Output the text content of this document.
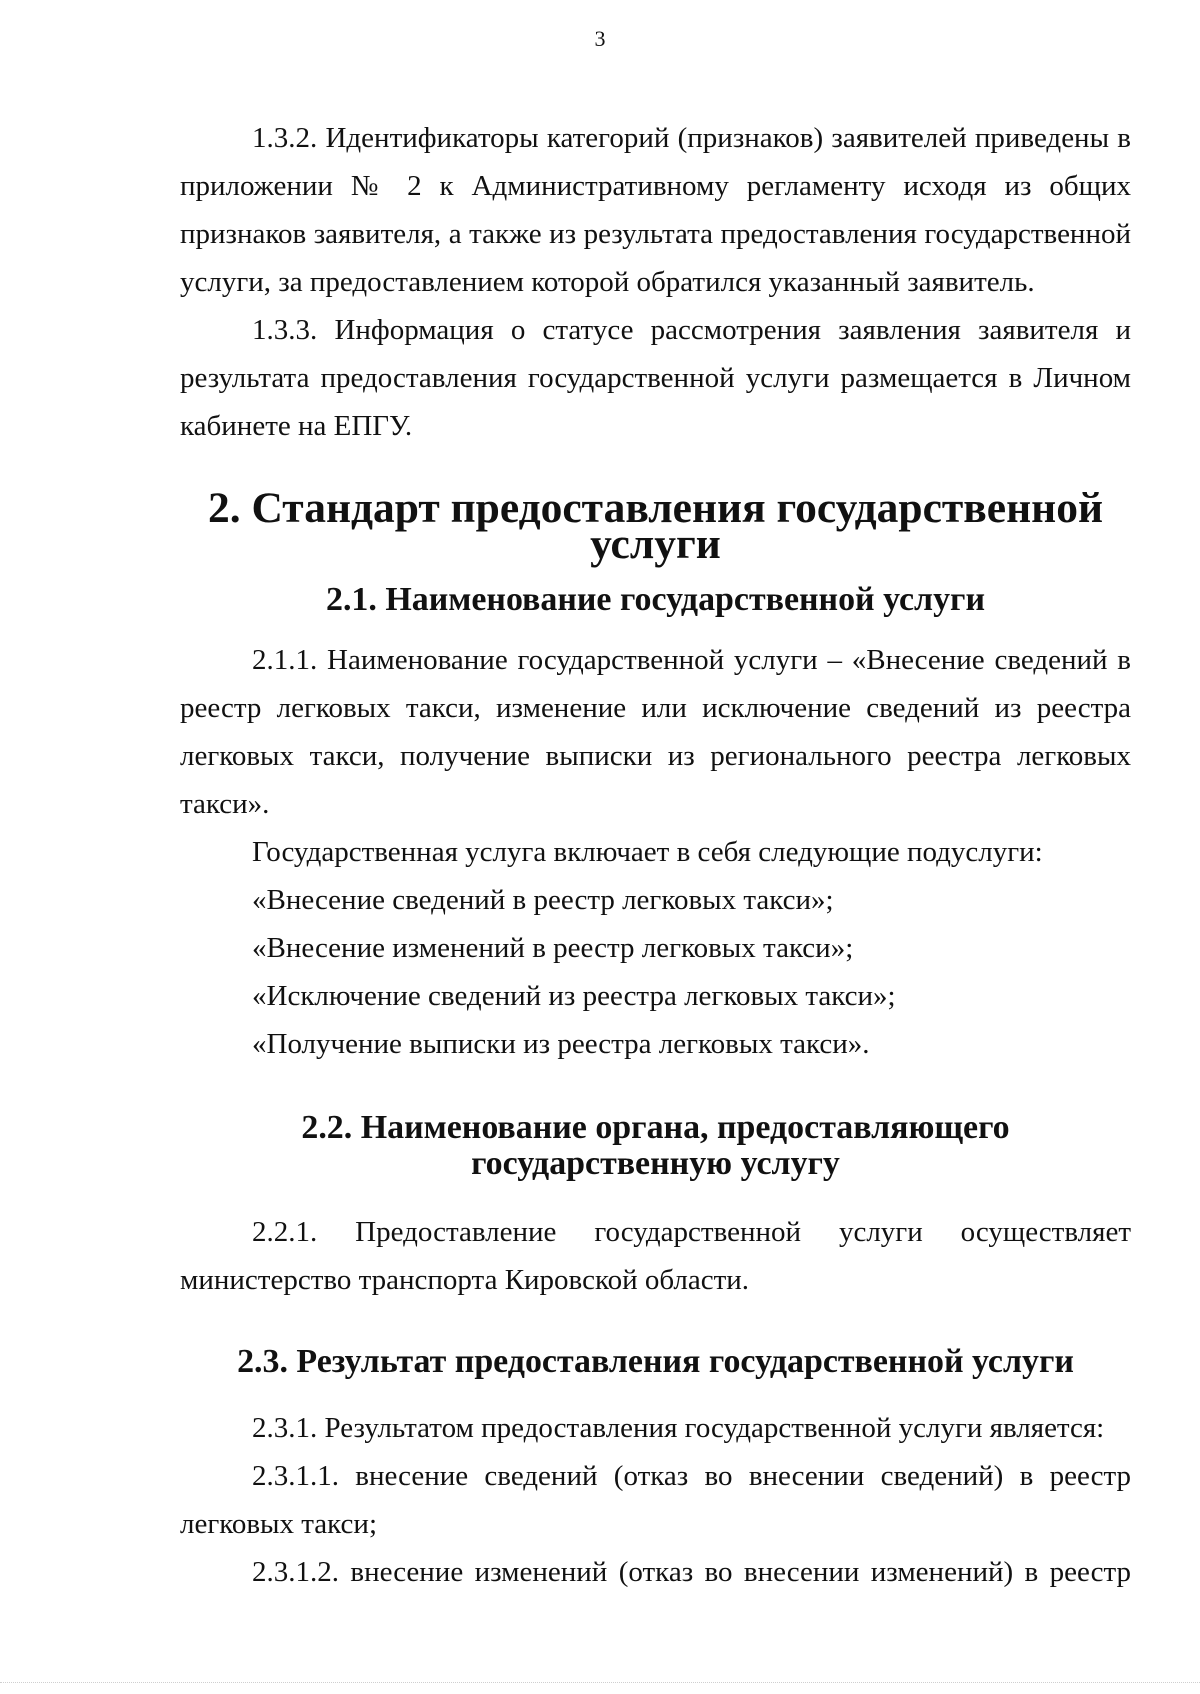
3

1.3.2. Идентификаторы категорий (признаков) заявителей приведены в приложении № 2 к Административному регламенту исходя из общих признаков заявителя, а также из результата предоставления государственной услуги, за предоставлением которой обратился указанный заявитель.

1.3.3. Информация о статусе рассмотрения заявления заявителя и результата предоставления государственной услуги размещается в Личном кабинете на ЕПГУ.

2. Стандарт предоставления государственной услуги
2.1. Наименование государственной услуги

2.1.1. Наименование государственной услуги – «Внесение сведений в реестр легковых такси, изменение или исключение сведений из реестра легковых такси, получение выписки из регионального реестра легковых такси».

Государственная услуга включает в себя следующие подуслуги:

«Внесение сведений в реестр легковых такси»;

«Внесение изменений в реестр легковых такси»;

«Исключение сведений из реестра легковых такси»;

«Получение выписки из реестра легковых такси».

2.2. Наименование органа, предоставляющего
государственную услугу

2.2.1. Предоставление государственной услуги осуществляет министерство транспорта Кировской области.

2.3. Результат предоставления государственной услуги

2.3.1. Результатом предоставления государственной услуги является:

2.3.1.1. внесение сведений (отказ во внесении сведений) в реестр легковых такси;

2.3.1.2. внесение изменений (отказ во внесении изменений) в реестр
